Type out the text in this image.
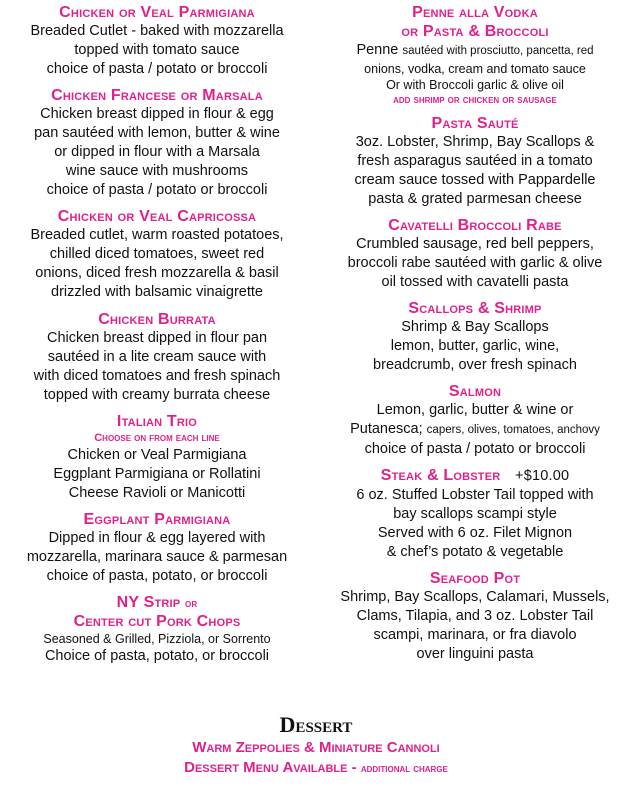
Chicken or Veal Parmigiana
Breaded Cutlet - baked with mozzarella
topped with tomato sauce
choice of pasta / potato or broccoli
Chicken Francese or Marsala
Chicken breast dipped in flour & egg
pan sautéed with lemon, butter & wine
or dipped in flour with a Marsala
wine sauce with mushrooms
choice of pasta / potato or broccoli
Chicken or Veal Capricossa
Breaded cutlet, warm roasted potatoes,
chilled diced tomatoes, sweet red
onions, diced fresh mozzarella & basil
drizzled with balsamic vinaigrette
Chicken Burrata
Chicken breast dipped in flour pan
sautéed in a lite cream sauce with
with diced tomatoes and fresh spinach
topped with creamy burrata cheese
Italian Trio
Choose on from each line
Chicken or Veal Parmigiana
Eggplant Parmigiana or Rollatini
Cheese Ravioli or Manicotti
Eggplant Parmigiana
Dipped in flour & egg layered with
mozzarella, marinara sauce & parmesan
choice of pasta, potato, or broccoli
NY Strip or
Center cut Pork Chops
Seasoned & Grilled, Pizziola, or Sorrento
Choice of pasta, potato, or broccoli
Penne alla Vodka
or Pasta & Broccoli
Penne sautéed with prosciutto, pancetta, red
onions, vodka, cream and tomato sauce
Or with Broccoli garlic & olive oil
add shrimp or chicken or sausage
Pasta Sauté
3oz. Lobster, Shrimp, Bay Scallops &
fresh asparagus sautéed in a tomato
cream sauce tossed with Pappardelle
pasta & grated parmesan cheese
Cavatelli Broccoli Rabe
Crumbled sausage, red bell peppers,
broccoli rabe sautéed with garlic & olive
oil tossed with cavatelli pasta
Scallops & Shrimp
Shrimp & Bay Scallops
lemon, butter, garlic, wine,
breadcrumb, over fresh spinach
Salmon
Lemon, garlic, butter & wine or
Putanesca; capers, olives, tomatoes, anchovy
choice of pasta / potato or broccoli
Steak & Lobster +$10.00
6 oz. Stuffed Lobster Tail topped with
bay scallops scampi style
Served with 6 oz. Filet Mignon
& chef’s potato & vegetable
Seafood Pot
Shrimp, Bay Scallops, Calamari, Mussels,
Clams, Tilapia, and 3 oz. Lobster Tail
scampi, marinara, or fra diavolo
over linguini pasta
Dessert
Warm Zeppolies & Miniature Cannoli
Dessert Menu Available - additional charge
